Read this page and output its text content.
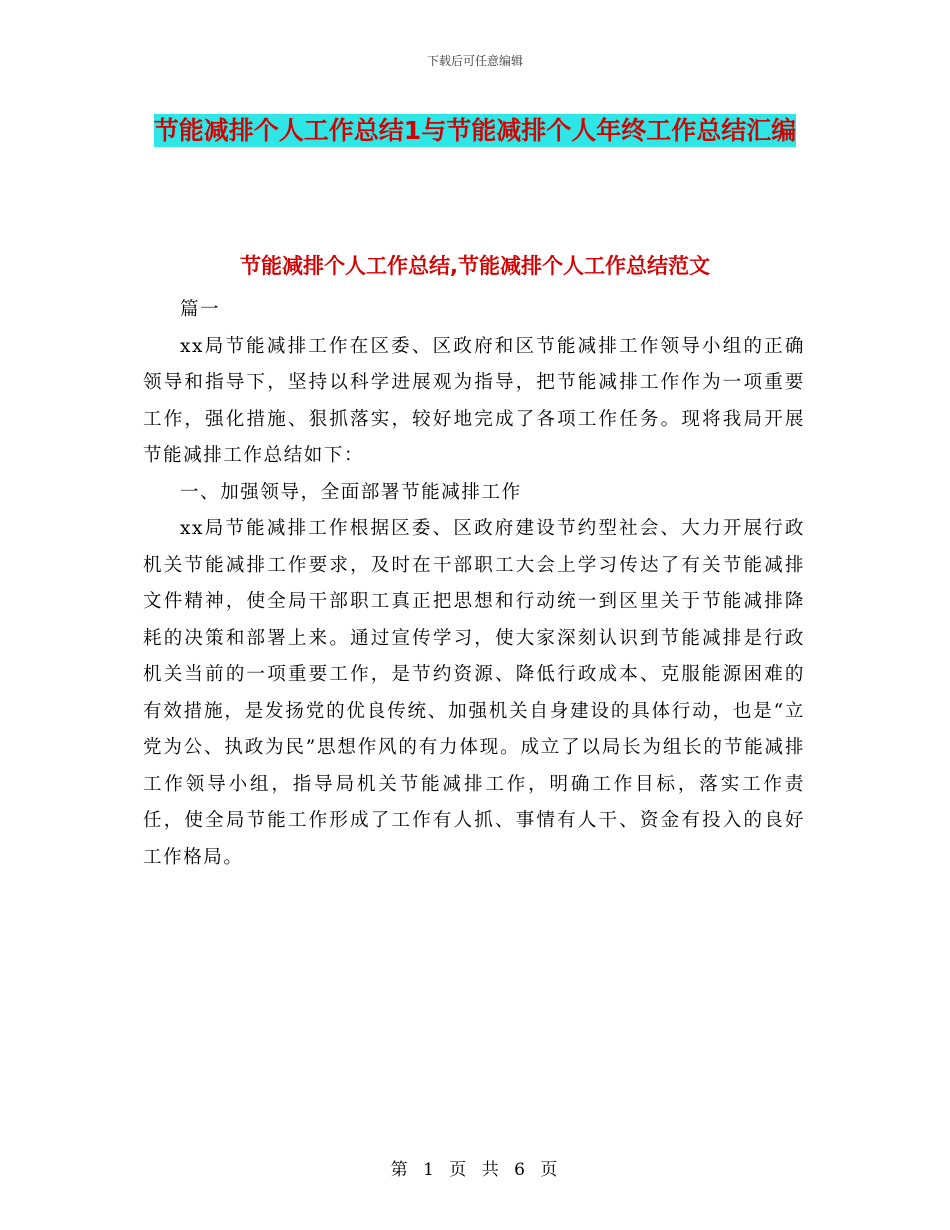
下载后可任意编辑
节能减排个人工作总结1与节能减排个人年终工作总结汇编
节能减排个人工作总结,节能减排个人工作总结范文

篇一

xx局节能减排工作在区委、区政府和区节能减排工作领导小组的正确领导和指导下，坚持以科学进展观为指导，把节能减排工作作为一项重要工作，强化措施、狠抓落实，较好地完成了各项工作任务。现将我局开展节能减排工作总结如下：

一、加强领导，全面部署节能减排工作

xx局节能减排工作根据区委、区政府建设节约型社会、大力开展行政机关节能减排工作要求，及时在干部职工大会上学习传达了有关节能减排文件精神，使全局干部职工真正把思想和行动统一到区里关于节能减排降耗的决策和部署上来。通过宣传学习，使大家深刻认识到节能减排是行政机关当前的一项重要工作，是节约资源、降低行政成本、克服能源困难的有效措施，是发扬党的优良传统、加强机关自身建设的具体行动，也是“立党为公、执政为民”思想作风的有力体现。成立了以局长为组长的节能减排工作领导小组，指导局机关节能减排工作，明确工作目标，落实工作责任，使全局节能工作形成了工作有人抓、事情有人干、资金有投入的良好工作格局。

第 1 页 共 6 页
